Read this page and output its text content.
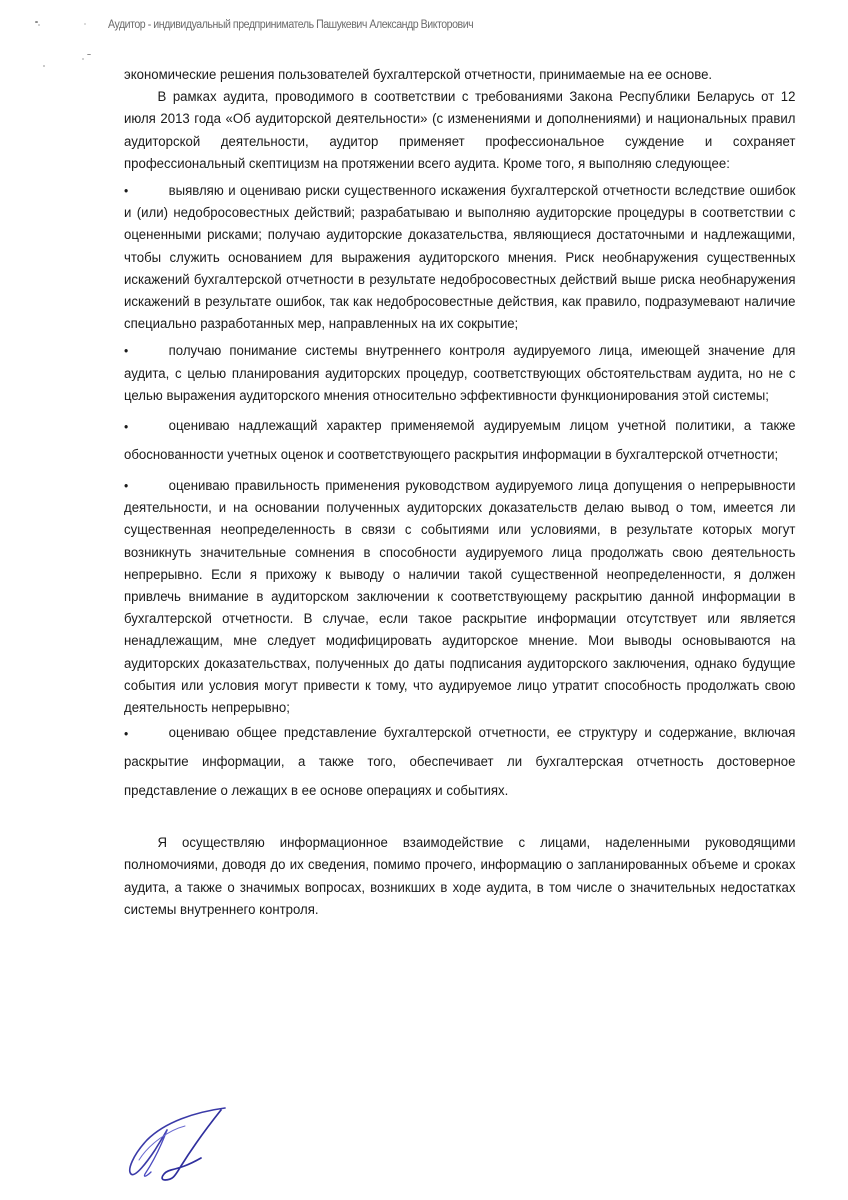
Аудитор - индивидуальный предприниматель Пашукевич Александр Викторович

экономические решения пользователей бухгалтерской отчетности, принимаемые на ее основе.

В рамках аудита, проводимого в соответствии с требованиями Закона Республики Беларусь от 12 июля 2013 года «Об аудиторской деятельности» (с изменениями и дополнениями) и национальных правил аудиторской деятельности, аудитор применяет профессиональное суждение и сохраняет профессиональный скептицизм на протяжении всего аудита. Кроме того, я выполняю следующее:

•	выявляю и оцениваю риски существенного искажения бухгалтерской отчетности вследствие ошибок и (или) недобросовестных действий; разрабатываю и выполняю аудиторские процедуры в соответствии с оцененными рисками; получаю аудиторские доказательства, являющиеся достаточными и надлежащими, чтобы служить основанием для выражения аудиторского мнения. Риск необнаружения существенных искажений бухгалтерской отчетности в результате недобросовестных действий выше риска необнаружения искажений в результате ошибок, так как недобросовестные действия, как правило, подразумевают наличие специально разработанных мер, направленных на их сокрытие;

•	получаю понимание системы внутреннего контроля аудируемого лица, имеющей значение для аудита, с целью планирования аудиторских процедур, соответствующих обстоятельствам аудита, но не с целью выражения аудиторского мнения относительно эффективности функционирования этой системы;

•	оцениваю надлежащий характер применяемой аудируемым лицом учетной политики, а также обоснованности учетных оценок и соответствующего раскрытия информации в бухгалтерской отчетности;

•	оцениваю правильность применения руководством аудируемого лица допущения о непрерывности деятельности, и на основании полученных аудиторских доказательств делаю вывод о том, имеется ли существенная неопределенность в связи с событиями или условиями, в результате которых могут возникнуть значительные сомнения в способности аудируемого лица продолжать свою деятельность непрерывно. Если я прихожу к выводу о наличии такой существенной неопределенности, я должен привлечь внимание в аудиторском заключении к соответствующему раскрытию данной информации в бухгалтерской отчетности. В случае, если такое раскрытие информации отсутствует или является ненадлежащим, мне следует модифицировать аудиторское мнение. Мои выводы основываются на аудиторских доказательствах, полученных до даты подписания аудиторского заключения, однако будущие события или условия могут привести к тому, что аудируемое лицо утратит способность продолжать свою деятельность непрерывно;

•	оцениваю общее представление бухгалтерской отчетности, ее структуру и содержание, включая раскрытие информации, а также того, обеспечивает ли бухгалтерская отчетность достоверное представление о лежащих в ее основе операциях и событиях.

Я осуществляю информационное взаимодействие с лицами, наделенными руководящими полномочиями, доводя до их сведения, помимо прочего, информацию о запланированных объеме и сроках аудита, а также о значимых вопросах, возникших в ходе аудита, в том числе о значительных недостатках системы внутреннего контроля.
